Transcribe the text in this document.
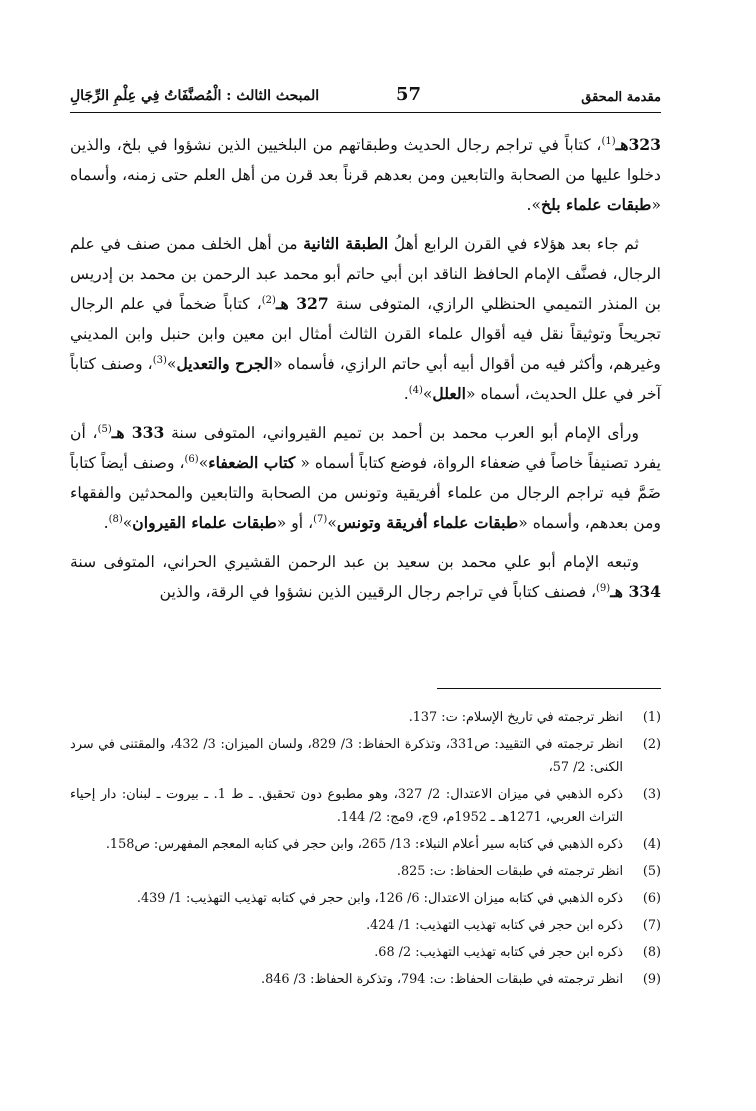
مقدمة المحقق
57
المبحث الثالث : الْمُصنَّفَاتُ فِي عِلْمِ الرِّجَالِ

323هـ$^{(1)}$، كتاباً في تراجم رجال الحديث وطبقاتهم من البلخيين الذين نشؤوا في بلخ، والذين دخلوا عليها من الصحابة والتابعين ومن بعدهم قرناً بعد قرن من أهل العلم حتى زمنه، وأسماه «طبقات علماء بلخ».

ثم جاء بعد هؤلاء في القرن الرابع أهلُ الطبقة الثانية من أهل الخلف ممن صنف في علم الرجال، فصنَّف الإمام الحافظ الناقد ابن أبي حاتم أبو محمد عبد الرحمن بن محمد بن إدريس بن المنذر التميمي الحنظلي الرازي، المتوفى سنة 327 هـ$^{(2)}$، كتاباً ضخماً في علم الرجال تجريحاً وتوثيقاً نقل فيه أقوال علماء القرن الثالث أمثال ابن معين وابن حنبل وابن المديني وغيرهم، وأكثر فيه من أقوال أبيه أبي حاتم الرازي، فأسماه «الجرح والتعديل»$^{(3)}$، وصنف كتاباً آخر في علل الحديث، أسماه «العلل»$^{(4)}$.

ورأى الإمام أبو العرب محمد بن أحمد بن تميم القيرواني، المتوفى سنة 333 هـ$^{(5)}$، أن يفرد تصنيفاً خاصاً في ضعفاء الرواة، فوضع كتاباً أسماه « كتاب الضعفاء»$^{(6)}$، وصنف أيضاً كتاباً ضَمَّ فيه تراجم الرجال من علماء أفريقية وتونس من الصحابة والتابعين والمحدثين والفقهاء ومن بعدهم، وأسماه «طبقات علماء أفريقة وتونس»$^{(7)}$، أو «طبقات علماء القيروان»$^{(8)}$.

وتبعه الإمام أبو علي محمد بن سعيد بن عبد الرحمن القشيري الحراني، المتوفى سنة 334 هـ$^{(9)}$، فصنف كتاباً في تراجم رجال الرقيين الذين نشؤوا في الرقة، والذين

(1)
انظر ترجمته في تاريخ الإسلام: ت: 137.
(2)
انظر ترجمته في التقييد: ص331، وتذكرة الحفاظ: 3/ 829، ولسان الميزان: 3/ 432، والمقتنى في سرد الكنى: 2/ 57،
(3)
ذكره الذهبي في ميزان الاعتدال: 2/ 327، وهو مطبوع دون تحقيق. ـ ط 1. ـ بيروت ـ لبنان: دار إحياء التراث العربي، 1271هـ ـ 1952م، 9ج، 9مج: 2/ 144.
(4)
ذكره الذهبي في كتابه سير أعلام النبلاء: 13/ 265، وابن حجر في كتابه المعجم المفهرس: ص158.
(5)
انظر ترجمته في طبقات الحفاظ: ت: 825.
(6)
ذكره الذهبي في كتابه ميزان الاعتدال: 6/ 126، وابن حجر في كتابه تهذيب التهذيب: 1/ 439.
(7)
ذكره ابن حجر في كتابه تهذيب التهذيب: 1/ 424.
(8)
ذكره ابن حجر في كتابه تهذيب التهذيب: 2/ 68.
(9)
انظر ترجمته في طبقات الحفاظ: ت: 794، وتذكرة الحفاظ: 3/ 846.
